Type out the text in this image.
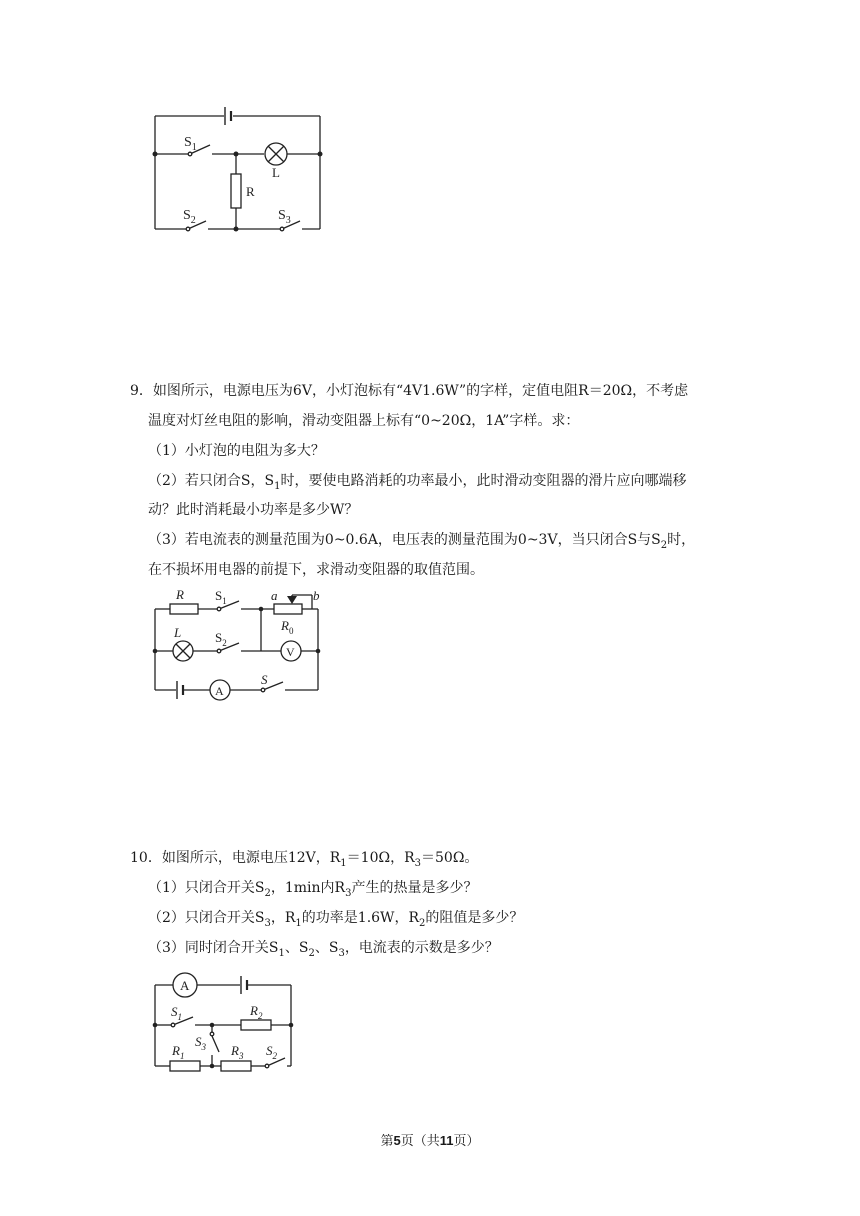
$S_1$
L
R
$S_2$	$S_3$
9．如图所示，电源电压为6V，小灯泡标有“4V1.6W”的字样，定值电阻R＝20Ω，不考虑
温度对灯丝电阻的影响，滑动变阻器上标有“0~20Ω，1A”字样。求：
（1）小灯泡的电阻为多大？
（2）若只闭合S，$S_1$时，要使电路消耗的功率最小，此时滑动变阻器的滑片应向哪端移
动？此时消耗最小功率是多少W？
（3）若电流表的测量范围为0~0.6A，电压表的测量范围为0~3V，当只闭合S与$S_2$时，
在不损坏用电器的前提下，求滑动变阻器的取值范围。
R $S_1$	a	b
$R_0$
L	$S_2$
V
A
S
10．如图所示，电源电压12V，$R_1=10\Omega$，$R_3=50\Omega$。
（1）只闭合开关$S_2$，1min内$R_3$产生的热量是多少？
（2）只闭合开关$S_3$，$R_1$的功率是1.6W，$R_2$的阻值是多少？
（3）同时闭合开关$S_1$、$S_2$、$S_3$，电流表的示数是多少？
A
$S_1$	$R_2$
$S_3$
$R_1$	$R_3$ $S_2$
第5页（共11页）
